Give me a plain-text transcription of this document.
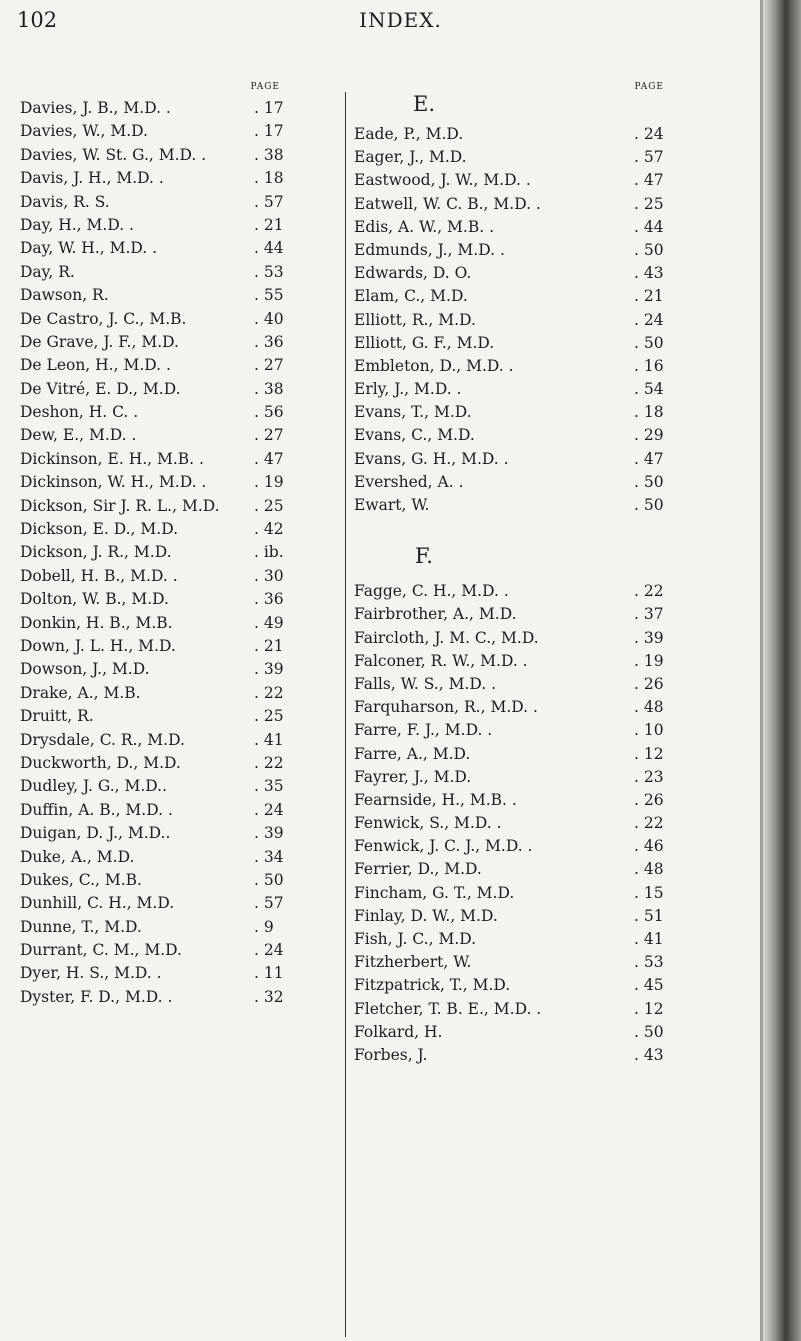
102	INDEX.
PAGE
Davies, J. B., M.D. .	. 17
Davies, W., M.D.	. 17
Davies, W. St. G., M.D. .	. 38
Davis, J. H., M.D. .	. 18
Davis, R. S.	. 57
Day, H., M.D. .	. 21
Day, W. H., M.D. .	. 44
Day, R.	. 53
Dawson, R.	. 55
De Castro, J. C., M.B.	. 40
De Grave, J. F., M.D.	. 36
De Leon, H., M.D. .	. 27
De Vitré, E. D., M.D.	. 38
Deshon, H. C. .	. 56
Dew, E., M.D. .	. 27
Dickinson, E. H., M.B. .	. 47
Dickinson, W. H., M.D. .	. 19
Dickson, Sir J. R. L., M.D. . 25
Dickson, E. D., M.D.	. 42
Dickson, J. R., M.D.	. ib.
Dobell, H. B., M.D. .	. 30
Dolton, W. B., M.D.	. 36
Donkin, H. B., M.B.	. 49
Down, J. L. H., M.D.	. 21
Dowson, J., M.D.	. 39
Drake, A., M.B.	. 22
Druitt, R.	. 25
Drysdale, C. R., M.D.	. 41
Duckworth, D., M.D.	. 22
Dudley, J. G., M.D..	. 35
Duffin, A. B., M.D. .	. 24
Duigan, D. J., M.D..	. 39
Duke, A., M.D.	. 34
Dukes, C., M.B.	. 50
Dunhill, C. H., M.D.	. 57
Dunne, T., M.D.	. 9
Durrant, C. M., M.D.	. 24
Dyer, H. S., M.D. .	. 11
Dyster, F. D., M.D. .	. 32
PAGE
E.
Eade, P., M.D.	. 24
Eager, J., M.D.	. 57
Eastwood, J. W., M.D. .	. 47
Eatwell, W. C. B., M.D. .	. 25
Edis, A. W., M.B. .	. 44
Edmunds, J., M.D. .	. 50
Edwards, D. O.	. 43
Elam, C., M.D.	. 21
Elliott, R., M.D.	. 24
Elliott, G. F., M.D.	. 50
Embleton, D., M.D. .	. 16
Erly, J., M.D. .	. 54
Evans, T., M.D.	. 18
Evans, C., M.D.	. 29
Evans, G. H., M.D. .	. 47
Evershed, A. .	. 50
Ewart, W.	. 50
F.
Fagge, C. H., M.D. .	. 22
Fairbrother, A., M.D.	. 37
Faircloth, J. M. C., M.D.	. 39
Falconer, R. W., M.D. .	. 19
Falls, W. S., M.D. .	. 26
Farquharson, R., M.D. .	. 48
Farre, F. J., M.D. .	. 10
Farre, A., M.D.	. 12
Fayrer, J., M.D.	. 23
Fearnside, H., M.B. .	. 26
Fenwick, S., M.D. .	. 22
Fenwick, J. C. J., M.D. .	. 46
Ferrier, D., M.D.	. 48
Fincham, G. T., M.D.	. 15
Finlay, D. W., M.D.	. 51
Fish, J. C., M.D.	. 41
Fitzherbert, W.	. 53
Fitzpatrick, T., M.D.	. 45
Fletcher, T. B. E., M.D. .	. 12
Folkard, H.	. 50
Forbes, J.	. 43
